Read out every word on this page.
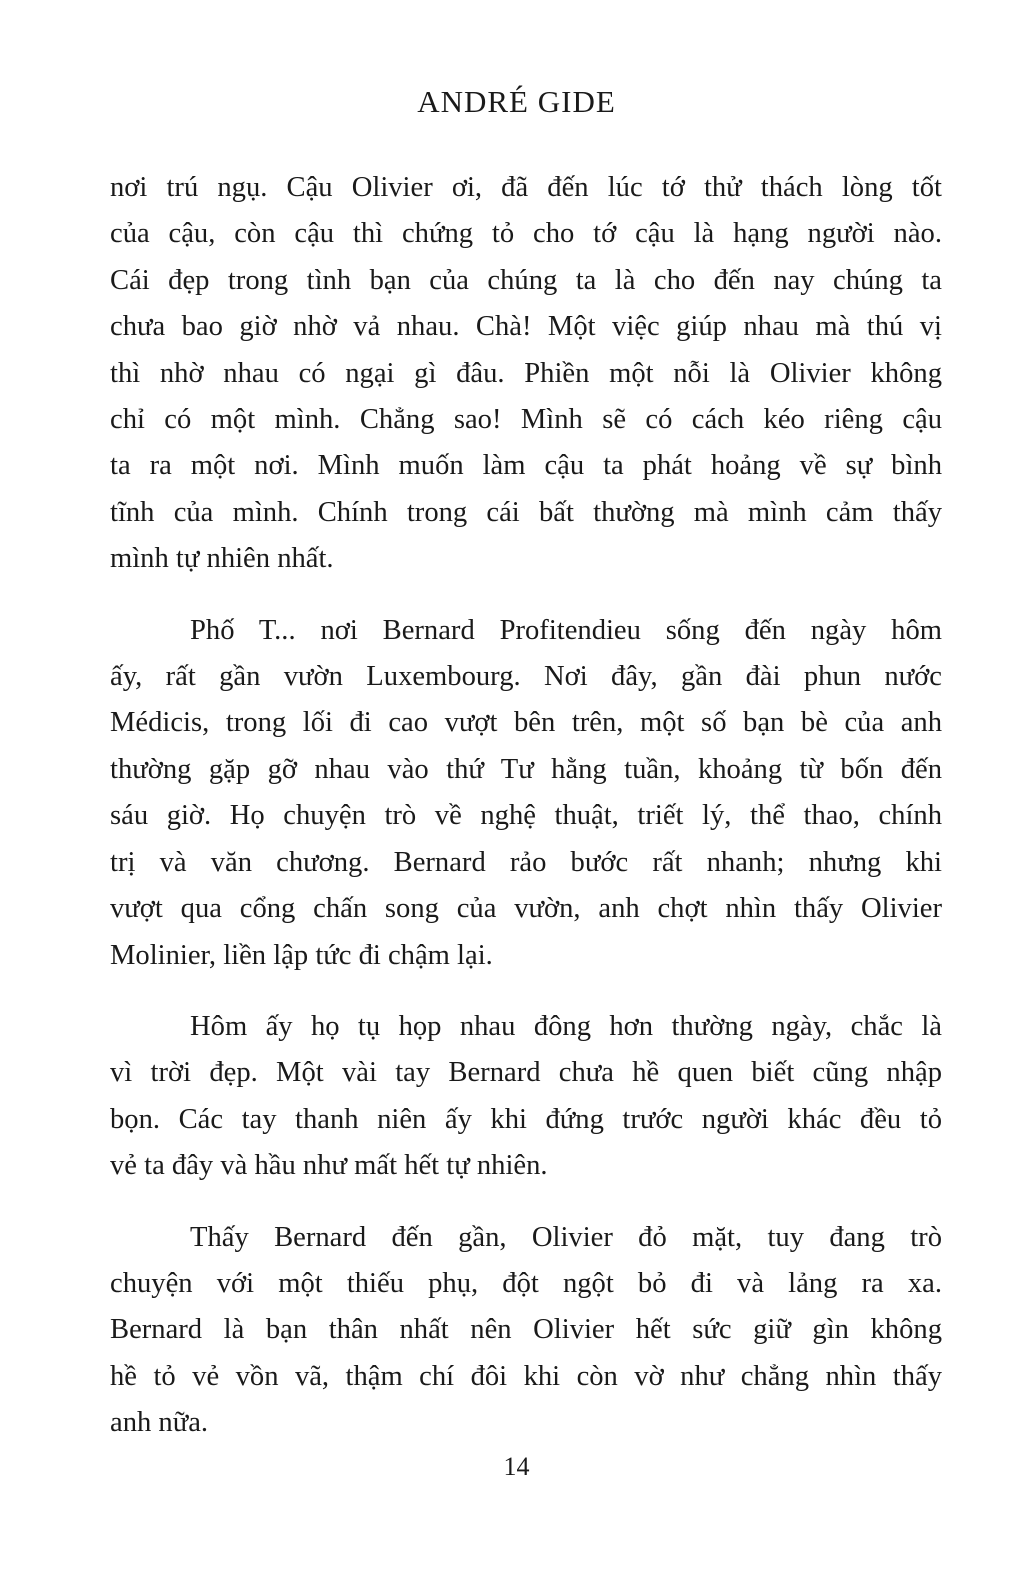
ANDRÉ GIDE
nơi trú ngụ. Cậu Olivier ơi, đã đến lúc tớ thử thách lòng tốt
của cậu, còn cậu thì chứng tỏ cho tớ cậu là hạng người nào.
Cái đẹp trong tình bạn của chúng ta là cho đến nay chúng ta
chưa bao giờ nhờ vả nhau. Chà! Một việc giúp nhau mà thú vị
thì nhờ nhau có ngại gì đâu. Phiền một nỗi là Olivier không
chỉ có một mình. Chẳng sao! Mình sẽ có cách kéo riêng cậu
ta ra một nơi. Mình muốn làm cậu ta phát hoảng về sự bình
tĩnh của mình. Chính trong cái bất thường mà mình cảm thấy
mình tự nhiên nhất.
Phố T... nơi Bernard Profitendieu sống đến ngày hôm
ấy, rất gần vườn Luxembourg. Nơi đây, gần đài phun nước
Médicis, trong lối đi cao vượt bên trên, một số bạn bè của anh
thường gặp gỡ nhau vào thứ Tư hằng tuần, khoảng từ bốn đến
sáu giờ. Họ chuyện trò về nghệ thuật, triết lý, thể thao, chính
trị và văn chương. Bernard rảo bước rất nhanh; nhưng khi
vượt qua cổng chấn song của vườn, anh chợt nhìn thấy Olivier
Molinier, liền lập tức đi chậm lại.
Hôm ấy họ tụ họp nhau đông hơn thường ngày, chắc là
vì trời đẹp. Một vài tay Bernard chưa hề quen biết cũng nhập
bọn. Các tay thanh niên ấy khi đứng trước người khác đều tỏ
vẻ ta đây và hầu như mất hết tự nhiên.
Thấy Bernard đến gần, Olivier đỏ mặt, tuy đang trò
chuyện với một thiếu phụ, đột ngột bỏ đi và lảng ra xa.
Bernard là bạn thân nhất nên Olivier hết sức giữ gìn không
hề tỏ vẻ vồn vã, thậm chí đôi khi còn vờ như chẳng nhìn thấy
anh nữa.
14
